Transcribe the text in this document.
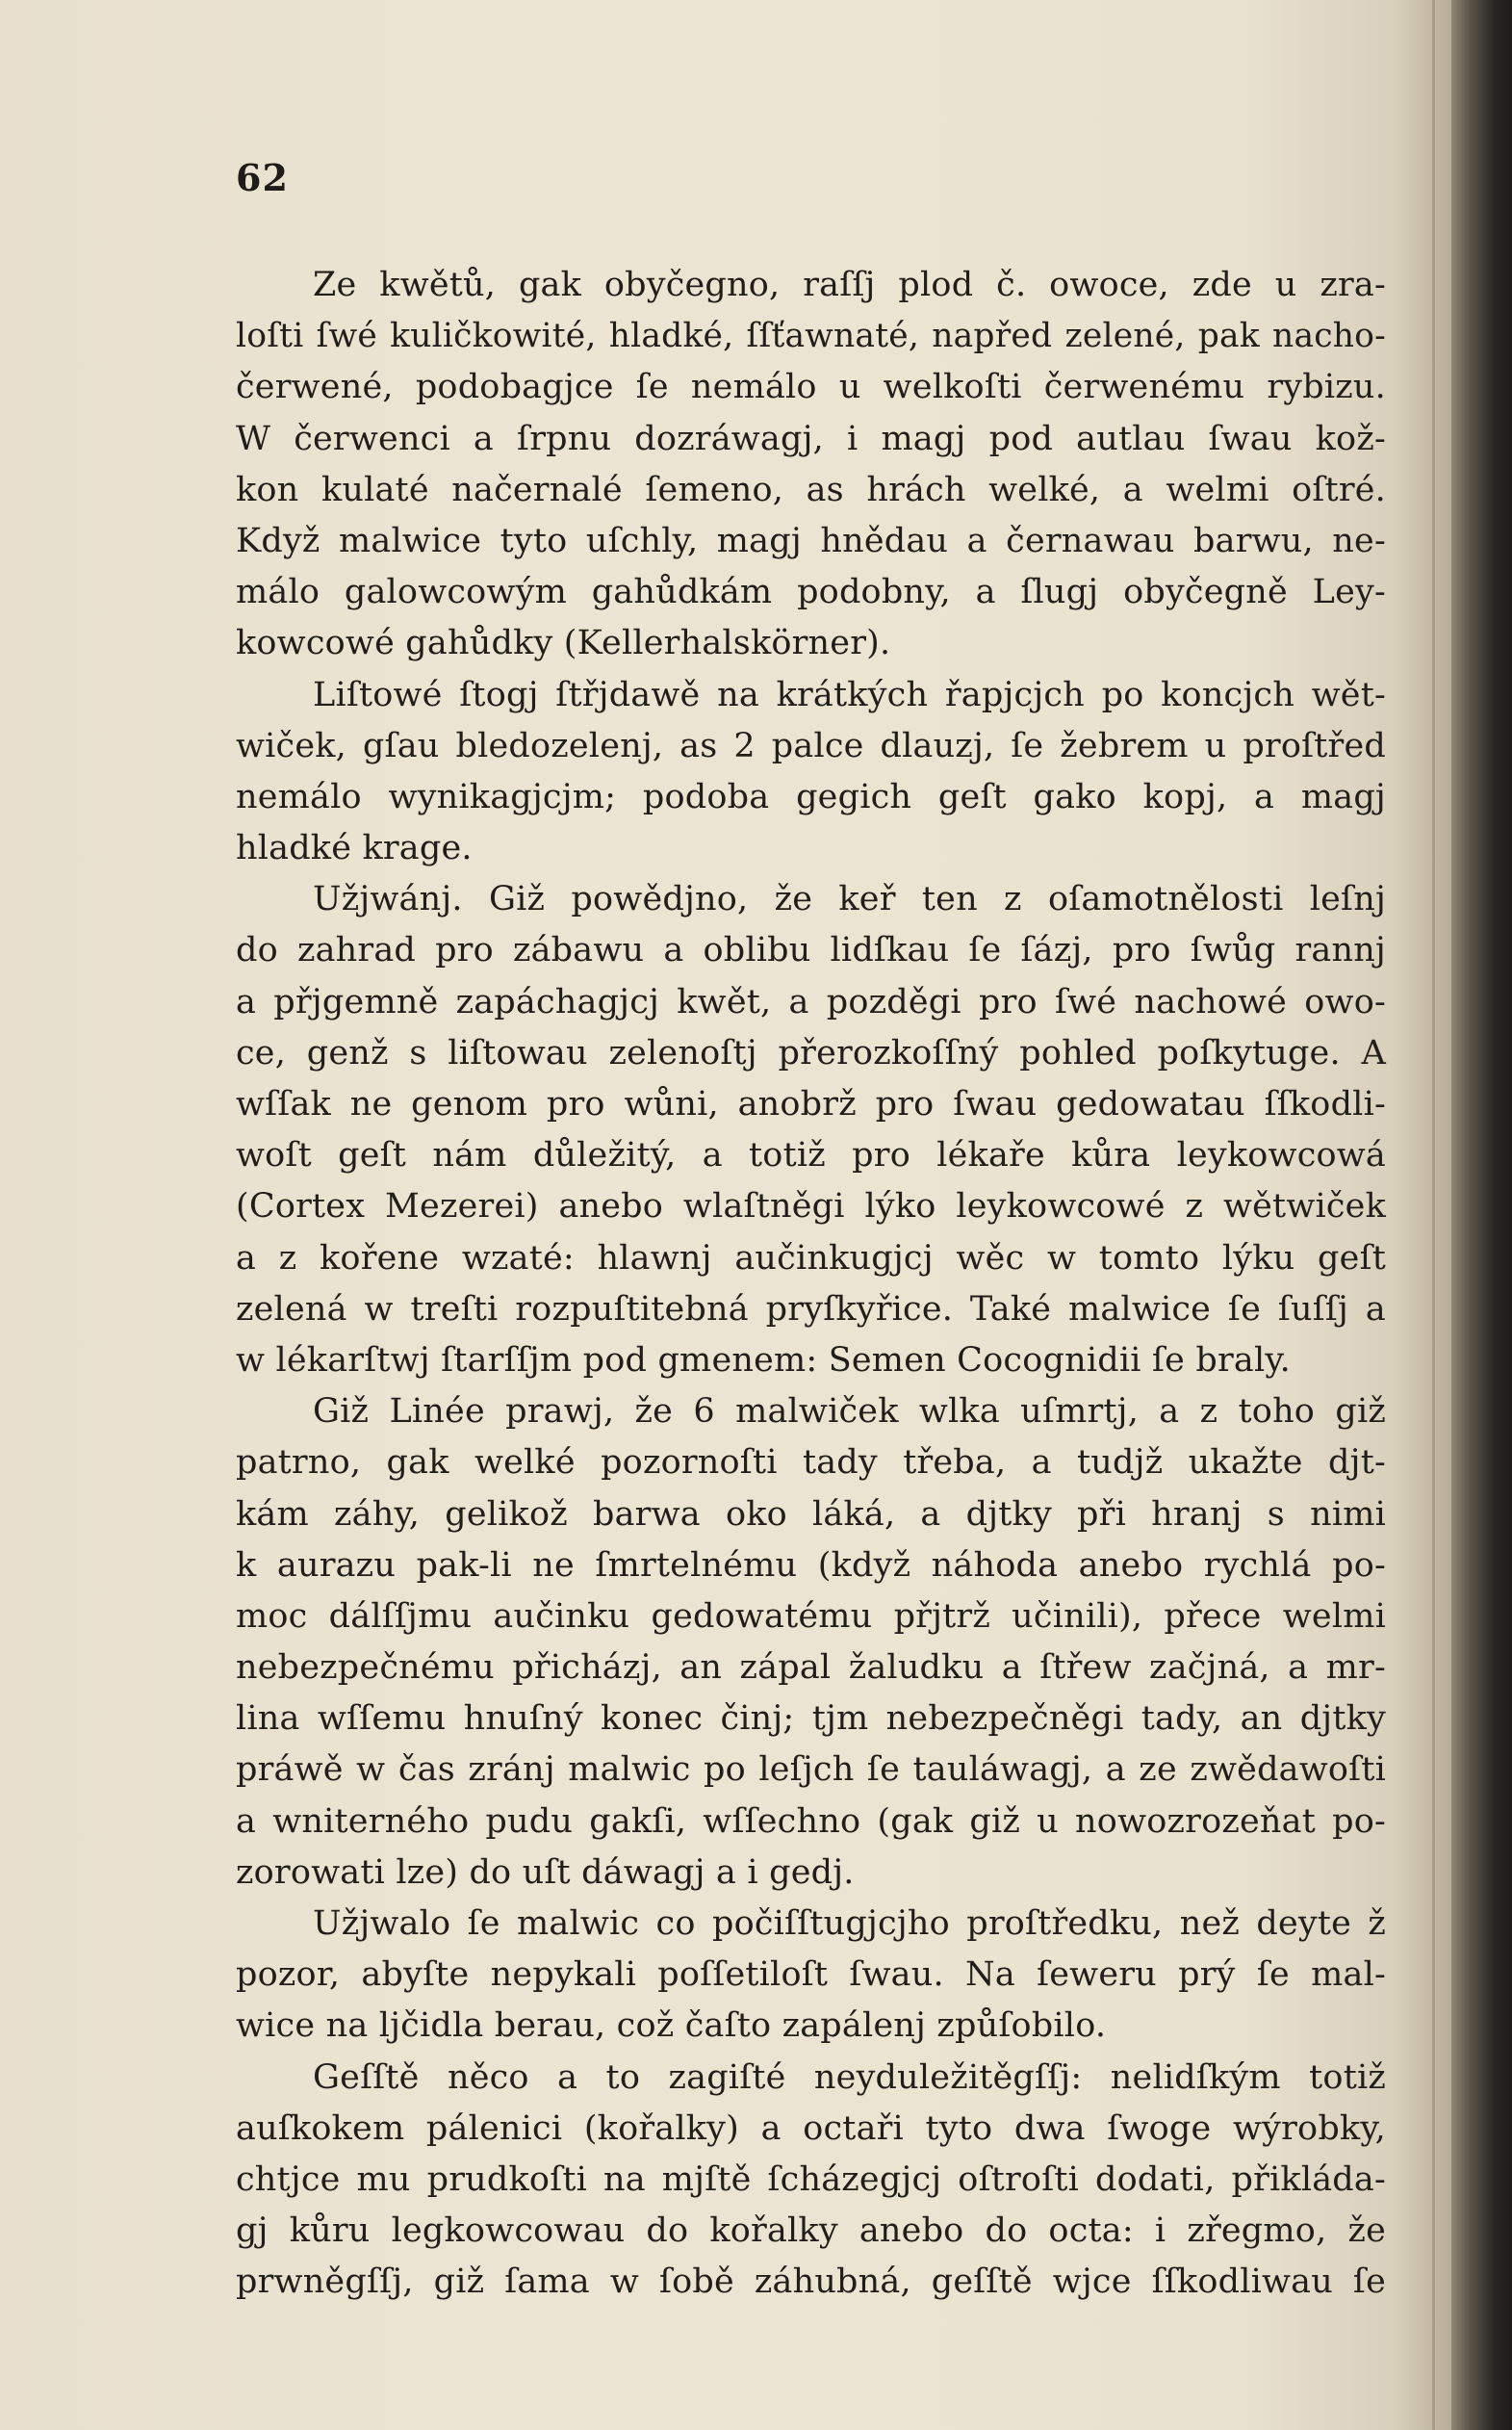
62
Ze kwětů, gak obyčegno, raſſj plod č. owoce, zde u zra-
loſti ſwé kuličkowité, hladké, ſſťawnaté, napřed zelené, pak nacho-
čerwené, podobagjce ſe nemálo u welkoſti čerwenému rybizu.
W čerwenci a ſrpnu dozráwagj, i magj pod autlau ſwau kož-
kon kulaté načernalé ſemeno, as hrách welké, a welmi oſtré.
Když malwice tyto uſchly, magj hnědau a černawau barwu, ne-
málo galowcowým gahůdkám podobny, a ſlugj obyčegně Ley-
kowcowé gahůdky (Kellerhalskörner).
Liſtowé ſtogj ſtřjdawě na krátkých řapjcjch po koncjch wět-
wiček, gſau bledozelenj, as 2 palce dlauzj, ſe žebrem u proſtřed
nemálo wynikagjcjm; podoba gegich geſt gako kopj, a magj
hladké krage.
Užjwánj. Giž powědjno, že keř ten z oſamotnělosti leſnj
do zahrad pro zábawu a oblibu lidſkau ſe ſázj, pro ſwůg rannj
a přjgemně zapáchagjcj kwět, a pozděgi pro ſwé nachowé owo-
ce, genž s liſtowau zelenoſtj přerozkoſſný pohled poſkytuge. A
wſſak ne genom pro wůni, anobrž pro ſwau gedowatau ſſkodli-
woſt geſt nám důležitý, a totiž pro lékaře kůra leykowcowá
(Cortex Mezerei) anebo wlaſtněgi lýko leykowcowé z wětwiček
a z kořene wzaté: hlawnj aučinkugjcj wěc w tomto lýku geſt
zelená w treſti rozpuſtitebná pryſkyřice. Také malwice ſe ſuſſj a
w lékarſtwj ſtarſſjm pod gmenem: Semen Cocognidii ſe braly.
Giž Linée prawj, že 6 malwiček wlka uſmrtj, a z toho giž
patrno, gak welké pozornoſti tady třeba, a tudjž ukažte djt-
kám záhy, gelikož barwa oko láká, a djtky při hranj s nimi
k aurazu pak-li ne ſmrtelnému (když náhoda anebo rychlá po-
moc dálſſjmu aučinku gedowatému přjtrž učinili), přece welmi
nebezpečnému přicházj, an zápal žaludku a ſtřew začjná, a mr-
lina wſſemu hnuſný konec činj; tjm nebezpečněgi tady, an djtky
práwě w čas zránj malwic po leſjch ſe tauláwagj, a ze zwědawoſti
a wniternéhо pudu gakſi, wſſechno (gak giž u nowozrozeňat po-
zorowati lze) do uſt dáwagj a i gedj.
Užjwalo ſe malwic co počiſſtugjcjho proſtředku, než deyte ž
pozor, abyſte nepykali poſſetiloſt ſwau. Na ſewеru prý ſe mal-
wice na ljčidla berau, což čaſto zapálenj způſobilo.
Geſſtě něco a to zagiſté neyduležitěgſſj: nelidſkým totiž
auſkokem pálenici (kořalky) a octaři tyto dwa ſwoge wýrobky,
chtjce mu prudkoſti na mjſtě ſcházegjcj oſtroſti dodati, přikláda-
gj kůru legkowcowau do kořalky anebo do octa: i zřegmo, že
prwněgſſj, giž ſama w ſobě záhubná, geſſtě wjce ſſkodliwau ſe
